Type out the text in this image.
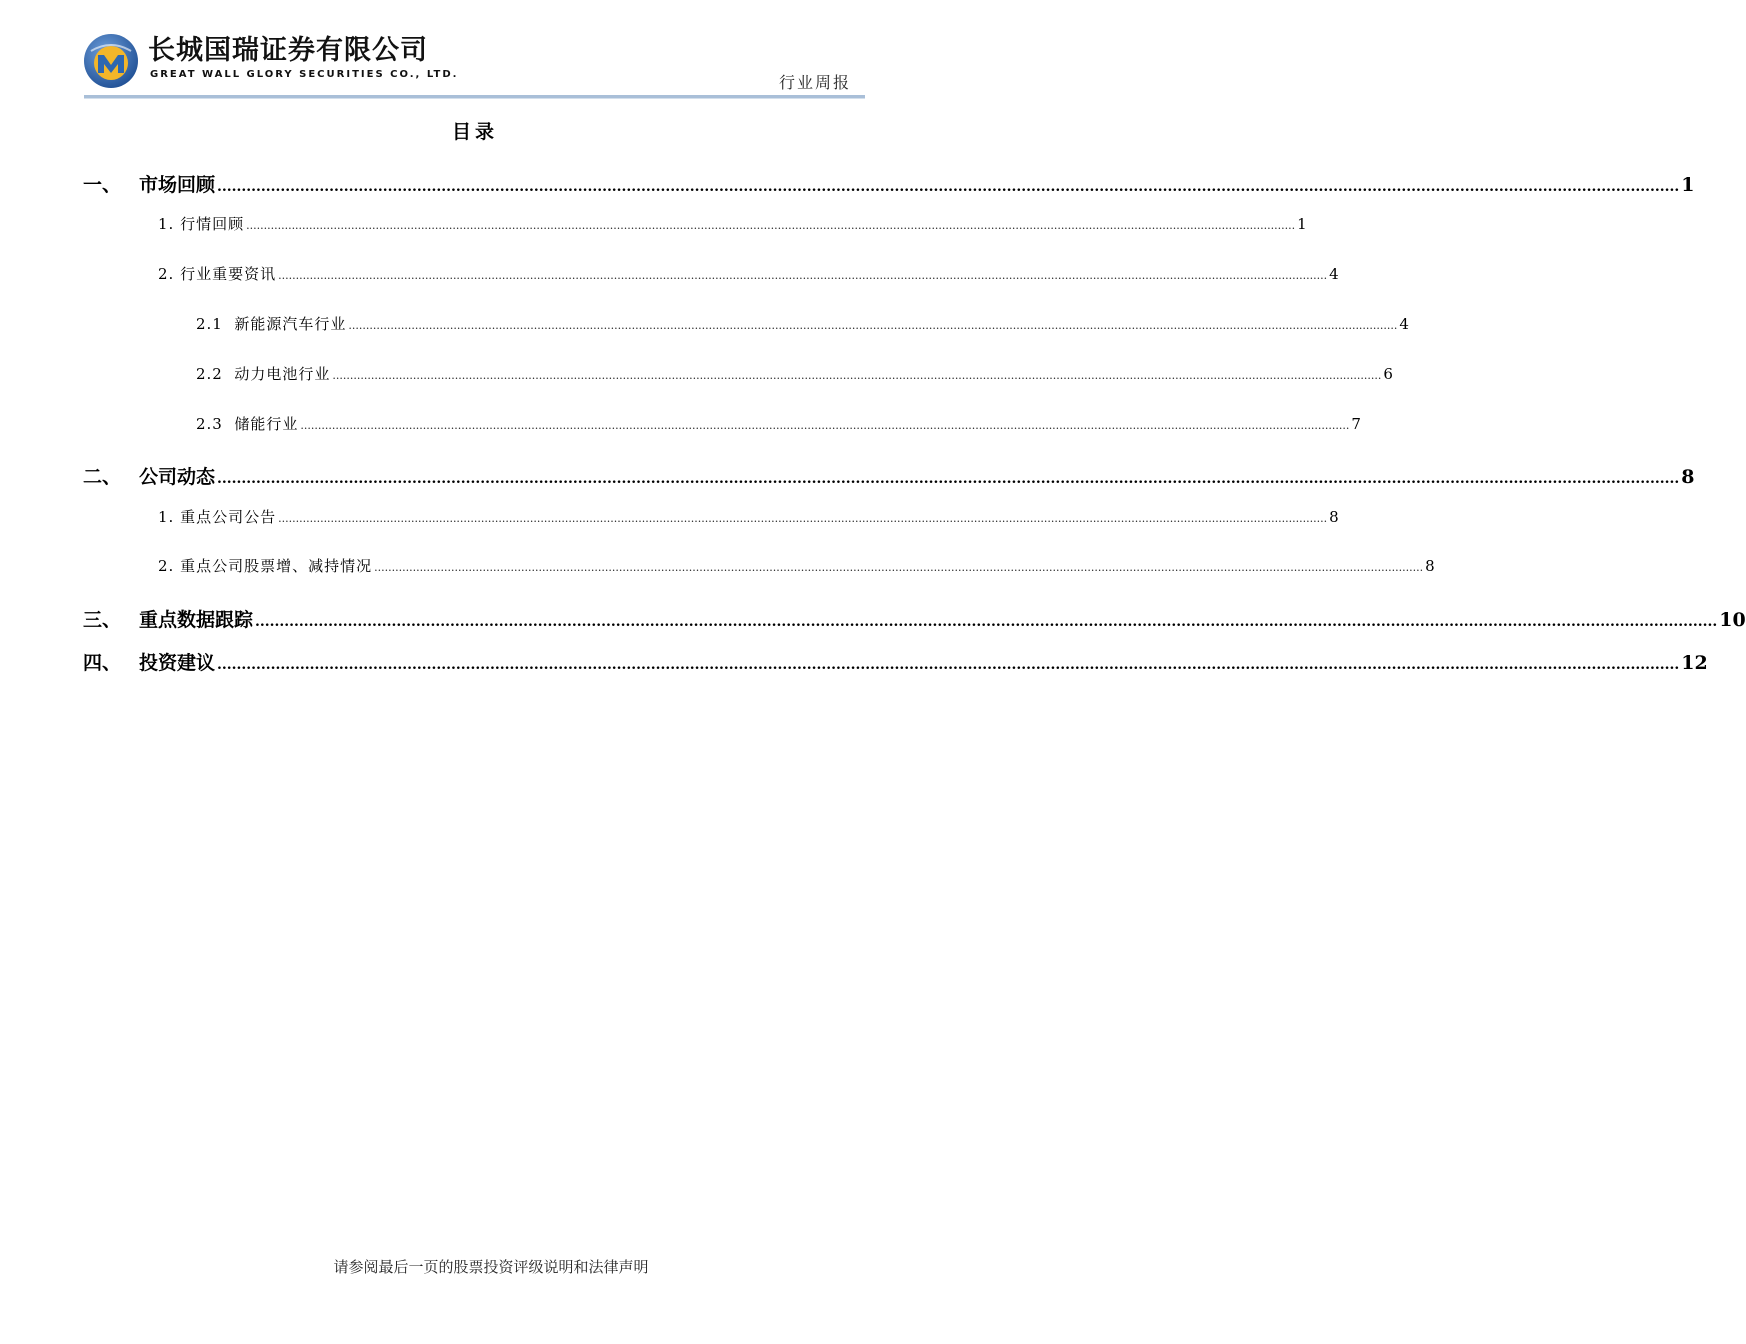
长城国瑞证券有限公司
GREAT WALL GLORY SECURITIES CO., LTD.	行业周报
目录
一、 市场回顾 ............................................................................................................................................................................................................................................................................................................ 1
1. 行情回顾 ............................................................................................................................................................................................................................................................................................................ 1
2. 行业重要资讯 ............................................................................................................................................................................................................................................................................................................ 4
2.1 新能源汽车行业 ............................................................................................................................................................................................................................................................................................................ 4
2.2 动力电池行业 ............................................................................................................................................................................................................................................................................................................ 6
2.3 储能行业 ............................................................................................................................................................................................................................................................................................................ 7
二、 公司动态 ............................................................................................................................................................................................................................................................................................................ 8
1. 重点公司公告 ............................................................................................................................................................................................................................................................................................................ 8
2. 重点公司股票增、减持情况 ............................................................................................................................................................................................................................................................................................................ 8
三、 重点数据跟踪 ............................................................................................................................................................................................................................................................................................................ 10
四、 投资建议 ............................................................................................................................................................................................................................................................................................................ 12
请参阅最后一页的股票投资评级说明和法律声明
